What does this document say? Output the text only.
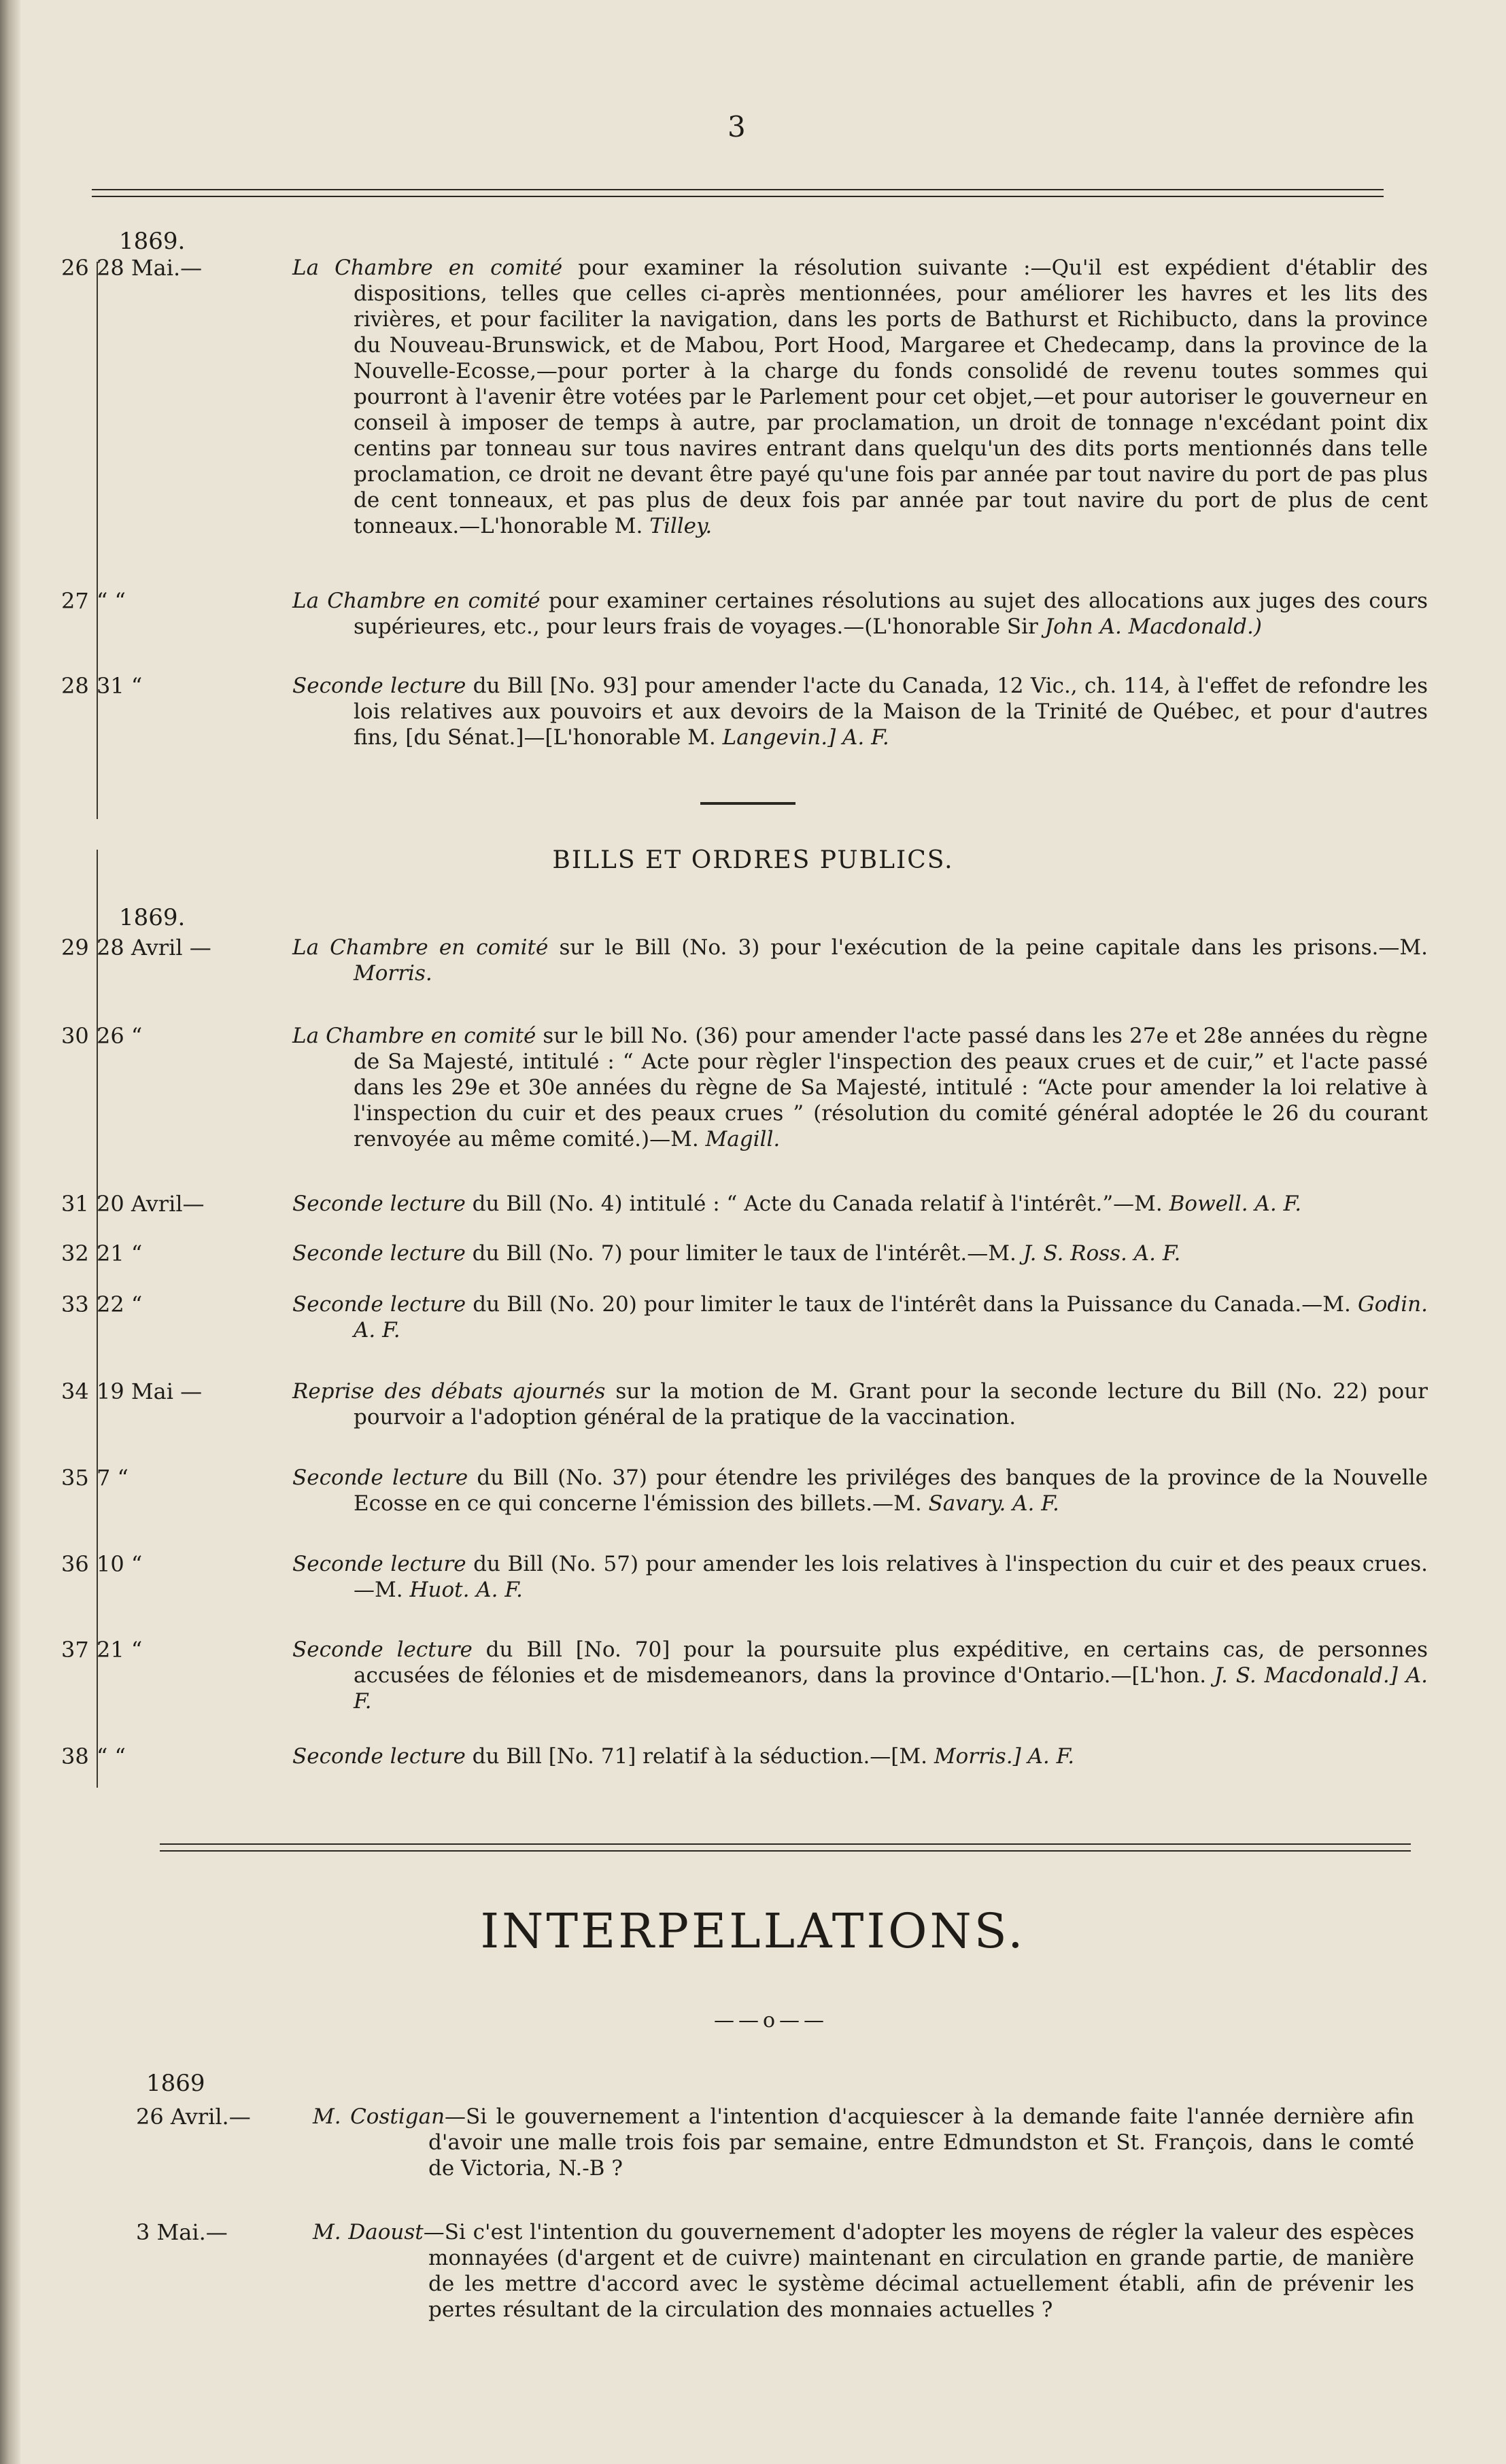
3
1869.
26 28 Mai.—	La Chambre en comité pour examiner la résolution suivante :—Qu'il est expédient d'établir des dispositions, telles que celles ci-après mentionnées, pour améliorer les havres et les lits des rivières, et pour faciliter la navigation, dans les ports de Bathurst et Richibucto, dans la province du Nouveau-Brunswick, et de Mabou, Port Hood, Margaree et Chedecamp, dans la province de la Nouvelle-Ecosse,—pour porter à la charge du fonds consolidé de revenu toutes sommes qui pourront à l'avenir être votées par le Parlement pour cet objet,—et pour autoriser le gouverneur en conseil à imposer de temps à autre, par proclamation, un droit de tonnage n'excédant point dix centins par tonneau sur tous navires entrant dans quelqu'un des dits ports mentionnés dans telle proclamation, ce droit ne devant être payé qu'une fois par année par tout navire du port de pas plus de cent tonneaux, et pas plus de deux fois par année par tout navire du port de plus de cent tonneaux.—L'honorable M. Tilley.
27 “ “	La Chambre en comité pour examiner certaines résolutions au sujet des allocations aux juges des cours supérieures, etc., pour leurs frais de voyages.—(L'honorable Sir John A. Macdonald.)
28 31 “	Seconde lecture du Bill [No. 93] pour amender l'acte du Canada, 12 Vic., ch. 114, à l'effet de refondre les lois relatives aux pouvoirs et aux devoirs de la Maison de la Trinité de Québec, et pour d'autres fins, [du Sénat.]—[L'honorable M. Langevin.] A. F.
BILLS ET ORDRES PUBLICS.
1869.
29 28 Avril —	La Chambre en comité sur le Bill (No. 3) pour l'exécution de la peine capitale dans les prisons.—M. Morris.
30 26 “	La Chambre en comité sur le bill No. (36) pour amender l'acte passé dans les 27e et 28e années du règne de Sa Majesté, intitulé : “ Acte pour règler l'inspection des peaux crues et de cuir,” et l'acte passé dans les 29e et 30e années du règne de Sa Majesté, intitulé : “Acte pour amender la loi relative à l'inspection du cuir et des peaux crues ” (résolution du comité général adoptée le 26 du courant renvoyée au même comité.)—M. Magill.
31 20 Avril—	Seconde lecture du Bill (No. 4) intitulé : “ Acte du Canada relatif à l'intérêt.”—M. Bowell. A. F.
32 21 “	Seconde lecture du Bill (No. 7) pour limiter le taux de l'intérêt.—M. J. S. Ross. A. F.
33 22 “	Seconde lecture du Bill (No. 20) pour limiter le taux de l'intérêt dans la Puissance du Canada.—M. Godin. A. F.
34 19 Mai —	Reprise des débats ajournés sur la motion de M. Grant pour la seconde lecture du Bill (No. 22) pour pourvoir a l'adoption général de la pratique de la vaccination.
35 7 “	Seconde lecture du Bill (No. 37) pour étendre les priviléges des banques de la province de la Nouvelle Ecosse en ce qui concerne l'émission des billets.—M. Savary. A. F.
36 10 “	Seconde lecture du Bill (No. 57) pour amender les lois relatives à l'inspection du cuir et des peaux crues.—M. Huot. A. F.
37 21 “	Seconde lecture du Bill [No. 70] pour la poursuite plus expéditive, en certains cas, de personnes accusées de félonies et de misdemeanors, dans la province d'Ontario.—[L'hon. J. S. Macdonald.] A. F.
38 “ “	Seconde lecture du Bill [No. 71] relatif à la séduction.—[M. Morris.] A. F.
INTERPELLATIONS.
——o——
1869
26 Avril.—	M. Costigan—Si le gouvernement a l'intention d'acquiescer à la demande faite l'année dernière afin d'avoir une malle trois fois par semaine, entre Edmundston et St. François, dans le comté de Victoria, N.-B ?
3 Mai.—	M. Daoust—Si c'est l'intention du gouvernement d'adopter les moyens de régler la valeur des espèces monnayées (d'argent et de cuivre) maintenant en circulation en grande partie, de manière de les mettre d'accord avec le système décimal actuellement établi, afin de prévenir les pertes résultant de la circulation des monnaies actuelles ?
